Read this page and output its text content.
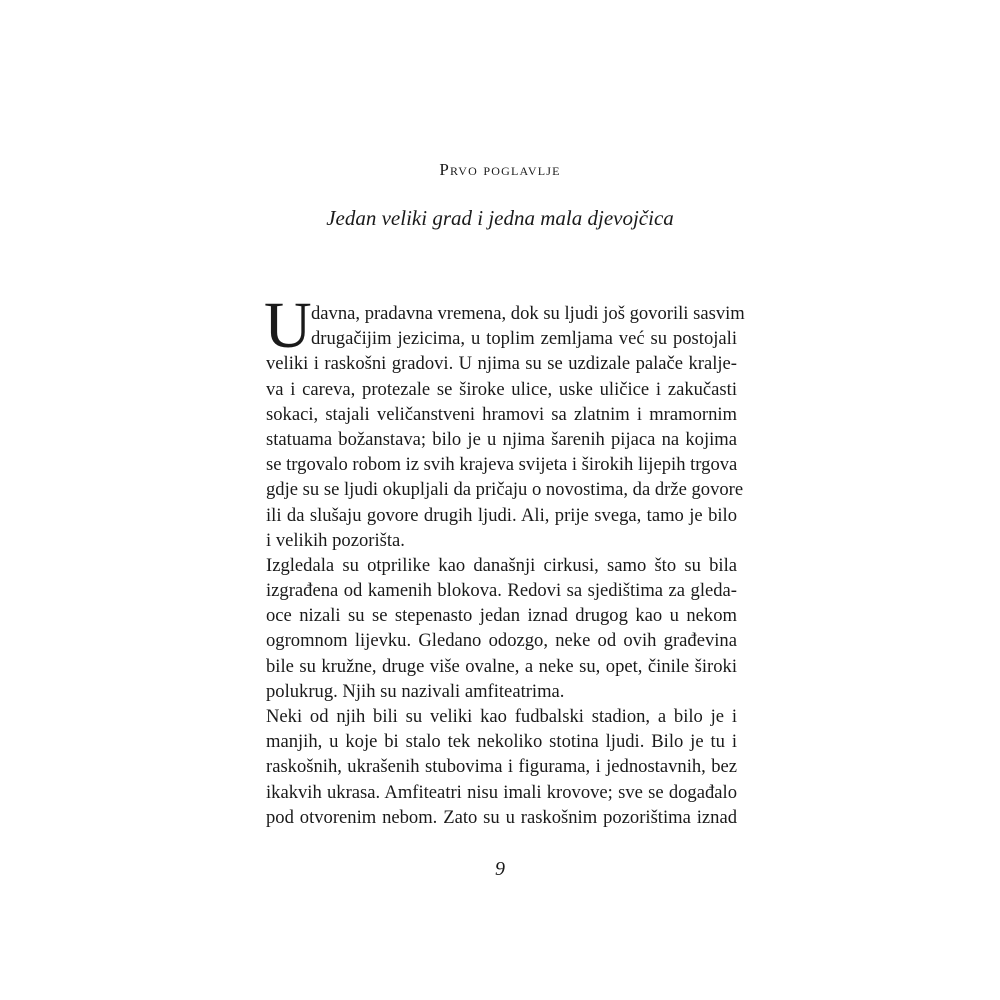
Prvo poglavlje
Jedan veliki grad i jedna mala djevojčica
U davna, pradavna vremena, dok su ljudi još govorili sasvim
drugačijim jezicima, u toplim zemljama već su postojali
veliki i raskošni gradovi. U njima su se uzdizale palače kralje-
va i careva, protezale se široke ulice, uske uličice i zakučasti
sokaci, stajali veličanstveni hramovi sa zlatnim i mramornim
statuama božanstava; bilo je u njima šarenih pijaca na kojima
se trgovalo robom iz svih krajeva svijeta i širokih lijepih trgova
gdje su se ljudi okupljali da pričaju o novostima, da drže govore
ili da slušaju govore drugih ljudi. Ali, prije svega, tamo je bilo
i velikih pozorišta.
Izgledala su otprilike kao današnji cirkusi, samo što su bila
izgrađena od kamenih blokova. Redovi sa sjedištima za gleda-
oce nizali su se stepenasto jedan iznad drugog kao u nekom
ogromnom lijevku. Gledano odozgo, neke od ovih građevina
bile su kružne, druge više ovalne, a neke su, opet, činile široki
polukrug. Njih su nazivali amfiteatrima.
Neki od njih bili su veliki kao fudbalski stadion, a bilo je i
manjih, u koje bi stalo tek nekoliko stotina ljudi. Bilo je tu i
raskošnih, ukrašenih stubovima i figurama, i jednostavnih, bez
ikakvih ukrasa. Amfiteatri nisu imali krovove; sve se događalo
pod otvorenim nebom. Zato su u raskošnim pozorištima iznad
9
